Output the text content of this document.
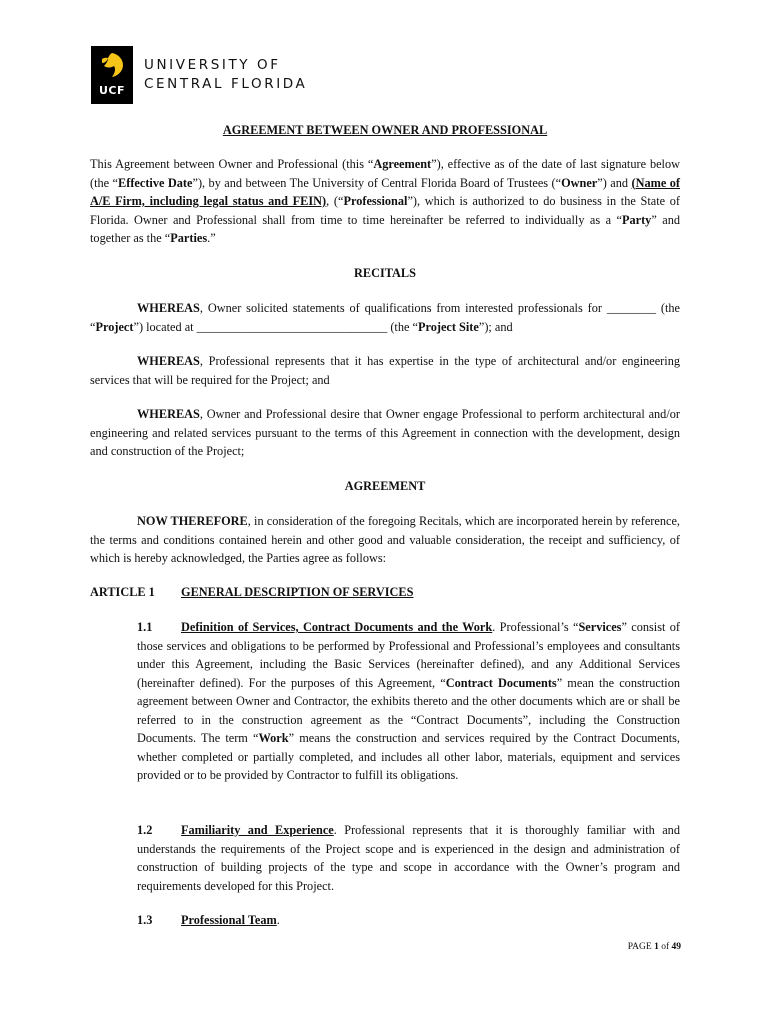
UCF
UNIVERSITY OF
CENTRAL FLORIDA
AGREEMENT BETWEEN OWNER AND PROFESSIONAL
This Agreement between Owner and Professional (this “Agreement”), effective as of the date of last signature below (the “Effective Date”), by and between The University of Central Florida Board of Trustees (“Owner”) and (Name of A/E Firm, including legal status and FEIN), (“Professional”), which is authorized to do business in the State of Florida. Owner and Professional shall from time to time hereinafter be referred to individually as a “Party” and together as the “Parties.”
RECITALS
WHEREAS, Owner solicited statements of qualifications from interested professionals for ________ (the “Project”) located at _______________________________ (the “Project Site”); and
WHEREAS, Professional represents that it has expertise in the type of architectural and/or engineering services that will be required for the Project; and
WHEREAS, Owner and Professional desire that Owner engage Professional to perform architectural and/or engineering and related services pursuant to the terms of this Agreement in connection with the development, design and construction of the Project;
AGREEMENT
NOW THEREFORE, in consideration of the foregoing Recitals, which are incorporated herein by reference, the terms and conditions contained herein and other good and valuable consideration, the receipt and sufficiency, of which is hereby acknowledged, the Parties agree as follows:
ARTICLE 1	GENERAL DESCRIPTION OF SERVICES
1.1 Definition of Services, Contract Documents and the Work. Professional’s “Services” consist of those services and obligations to be performed by Professional and Professional’s employees and consultants under this Agreement, including the Basic Services (hereinafter defined), and any Additional Services (hereinafter defined). For the purposes of this Agreement, “Contract Documents” mean the construction agreement between Owner and Contractor, the exhibits thereto and the other documents which are or shall be referred to in the construction agreement as the “Contract Documents”, including the Construction Documents. The term “Work” means the construction and services required by the Contract Documents, whether completed or partially completed, and includes all other labor, materials, equipment and services provided or to be provided by Contractor to fulfill its obligations.
1.2 Familiarity and Experience. Professional represents that it is thoroughly familiar with and understands the requirements of the Project scope and is experienced in the design and administration of construction of building projects of the type and scope in accordance with the Owner’s program and requirements developed for this Project.
1.3 Professional Team.
PAGE 1 of 49
